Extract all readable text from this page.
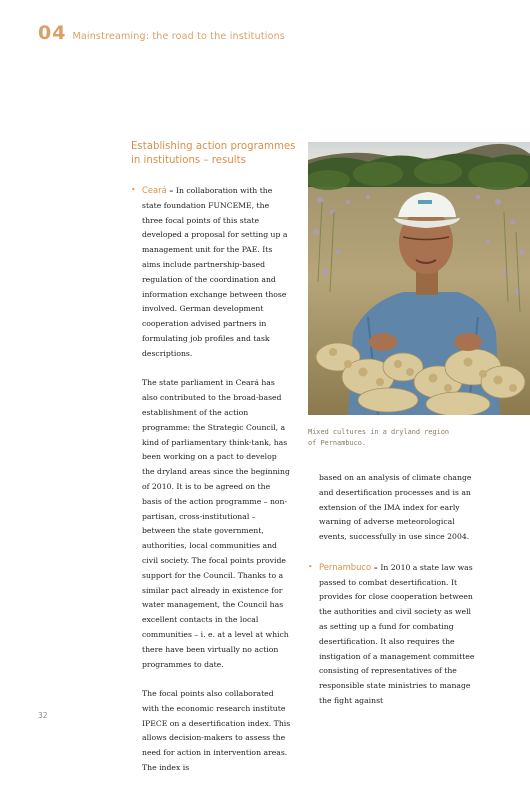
04 Mainstreaming: the road to the institutions
Establishing action programmes
in institutions – results

• Ceará – In collaboration with the state foundation FUNCEME, the three focal points of this state developed a proposal for setting up a management unit for the PAE. Its aims include partnership-based regulation of the coordination and information exchange between those involved. German development cooperation advised partners in formulating job profiles and task descriptions.

The state parliament in Ceará has also contributed to the broad-based establishment of the action programme: the Strategic Council, a kind of parliamentary think-tank, has been working on a pact to develop the dryland areas since the beginning of 2010. It is to be agreed on the basis of the action programme – non-partisan, cross-institutional – between the state government, authorities, local communities and civil society. The focal points provide support for the Council. Thanks to a similar pact already in existence for water management, the Council has excellent contacts in the local communities – i. e. at a level at which there have been virtually no action programmes to date.

The focal points also collaborated with the economic research institute IPECE on a desertification index. This allows decision-makers to assess the need for action in intervention areas. The index is

Mixed cultures in a dryland region
of Pernambuco.

based on an analysis of climate change and desertification processes and is an extension of the IMA index for early warning of adverse meteorological events, successfully in use since 2004.

• Pernambuco – In 2010 a state law was passed to combat desertification. It provides for close cooperation between the authorities and civil society as well as setting up a fund for combating desertification. It also requires the instigation of a management committee consisting of representatives of the responsible state ministries to manage the fight against

32
